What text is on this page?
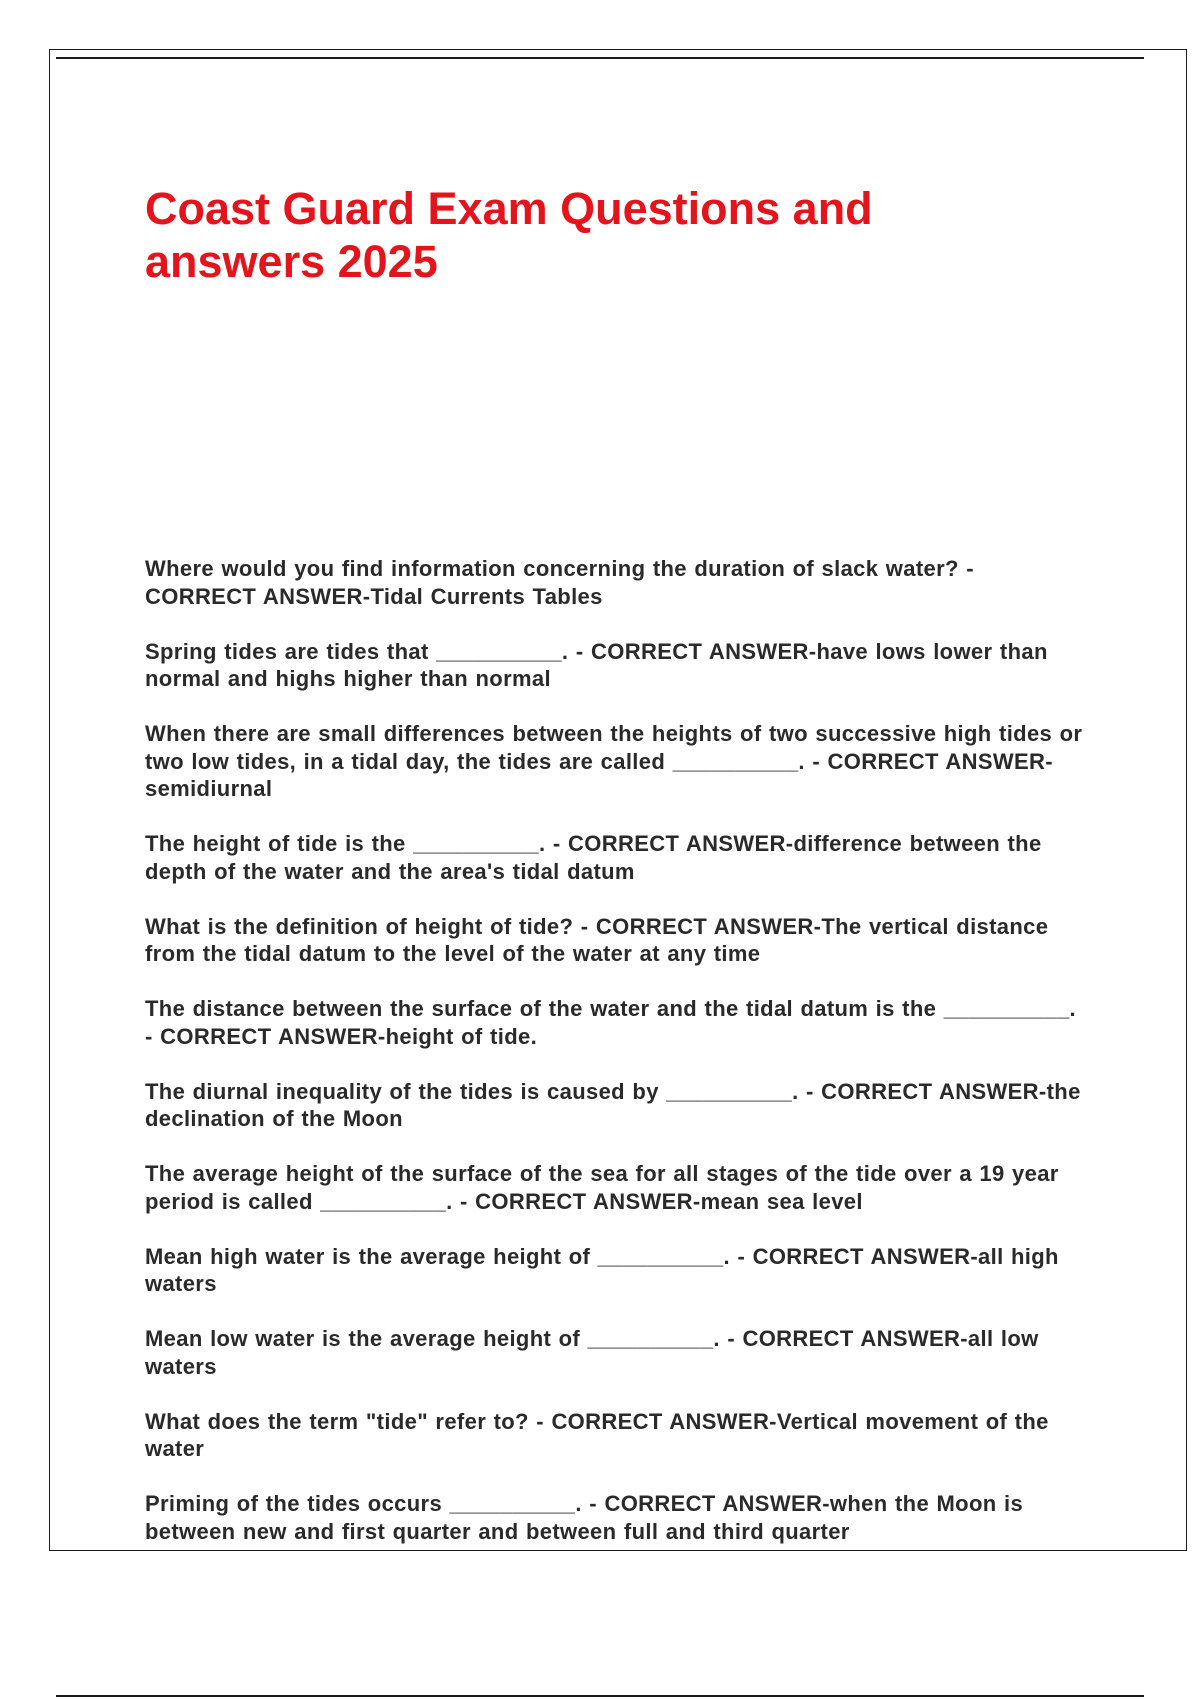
Coast Guard Exam Questions and answers 2025
Where would you find information concerning the duration of slack water? - CORRECT ANSWER-Tidal Currents Tables
Spring tides are tides that __________. - CORRECT ANSWER-have lows lower than normal and highs higher than normal
When there are small differences between the heights of two successive high tides or two low tides, in a tidal day, the tides are called __________. - CORRECT ANSWER-semidiurnal
The height of tide is the __________. - CORRECT ANSWER-difference between the depth of the water and the area's tidal datum
What is the definition of height of tide? - CORRECT ANSWER-The vertical distance from the tidal datum to the level of the water at any time
The distance between the surface of the water and the tidal datum is the __________. - CORRECT ANSWER-height of tide.
The diurnal inequality of the tides is caused by __________. - CORRECT ANSWER-the declination of the Moon
The average height of the surface of the sea for all stages of the tide over a 19 year period is called __________. - CORRECT ANSWER-mean sea level
Mean high water is the average height of __________. - CORRECT ANSWER-all high waters
Mean low water is the average height of __________. - CORRECT ANSWER-all low waters
What does the term "tide" refer to? - CORRECT ANSWER-Vertical movement of the water
Priming of the tides occurs __________. - CORRECT ANSWER-when the Moon is between new and first quarter and between full and third quarter
